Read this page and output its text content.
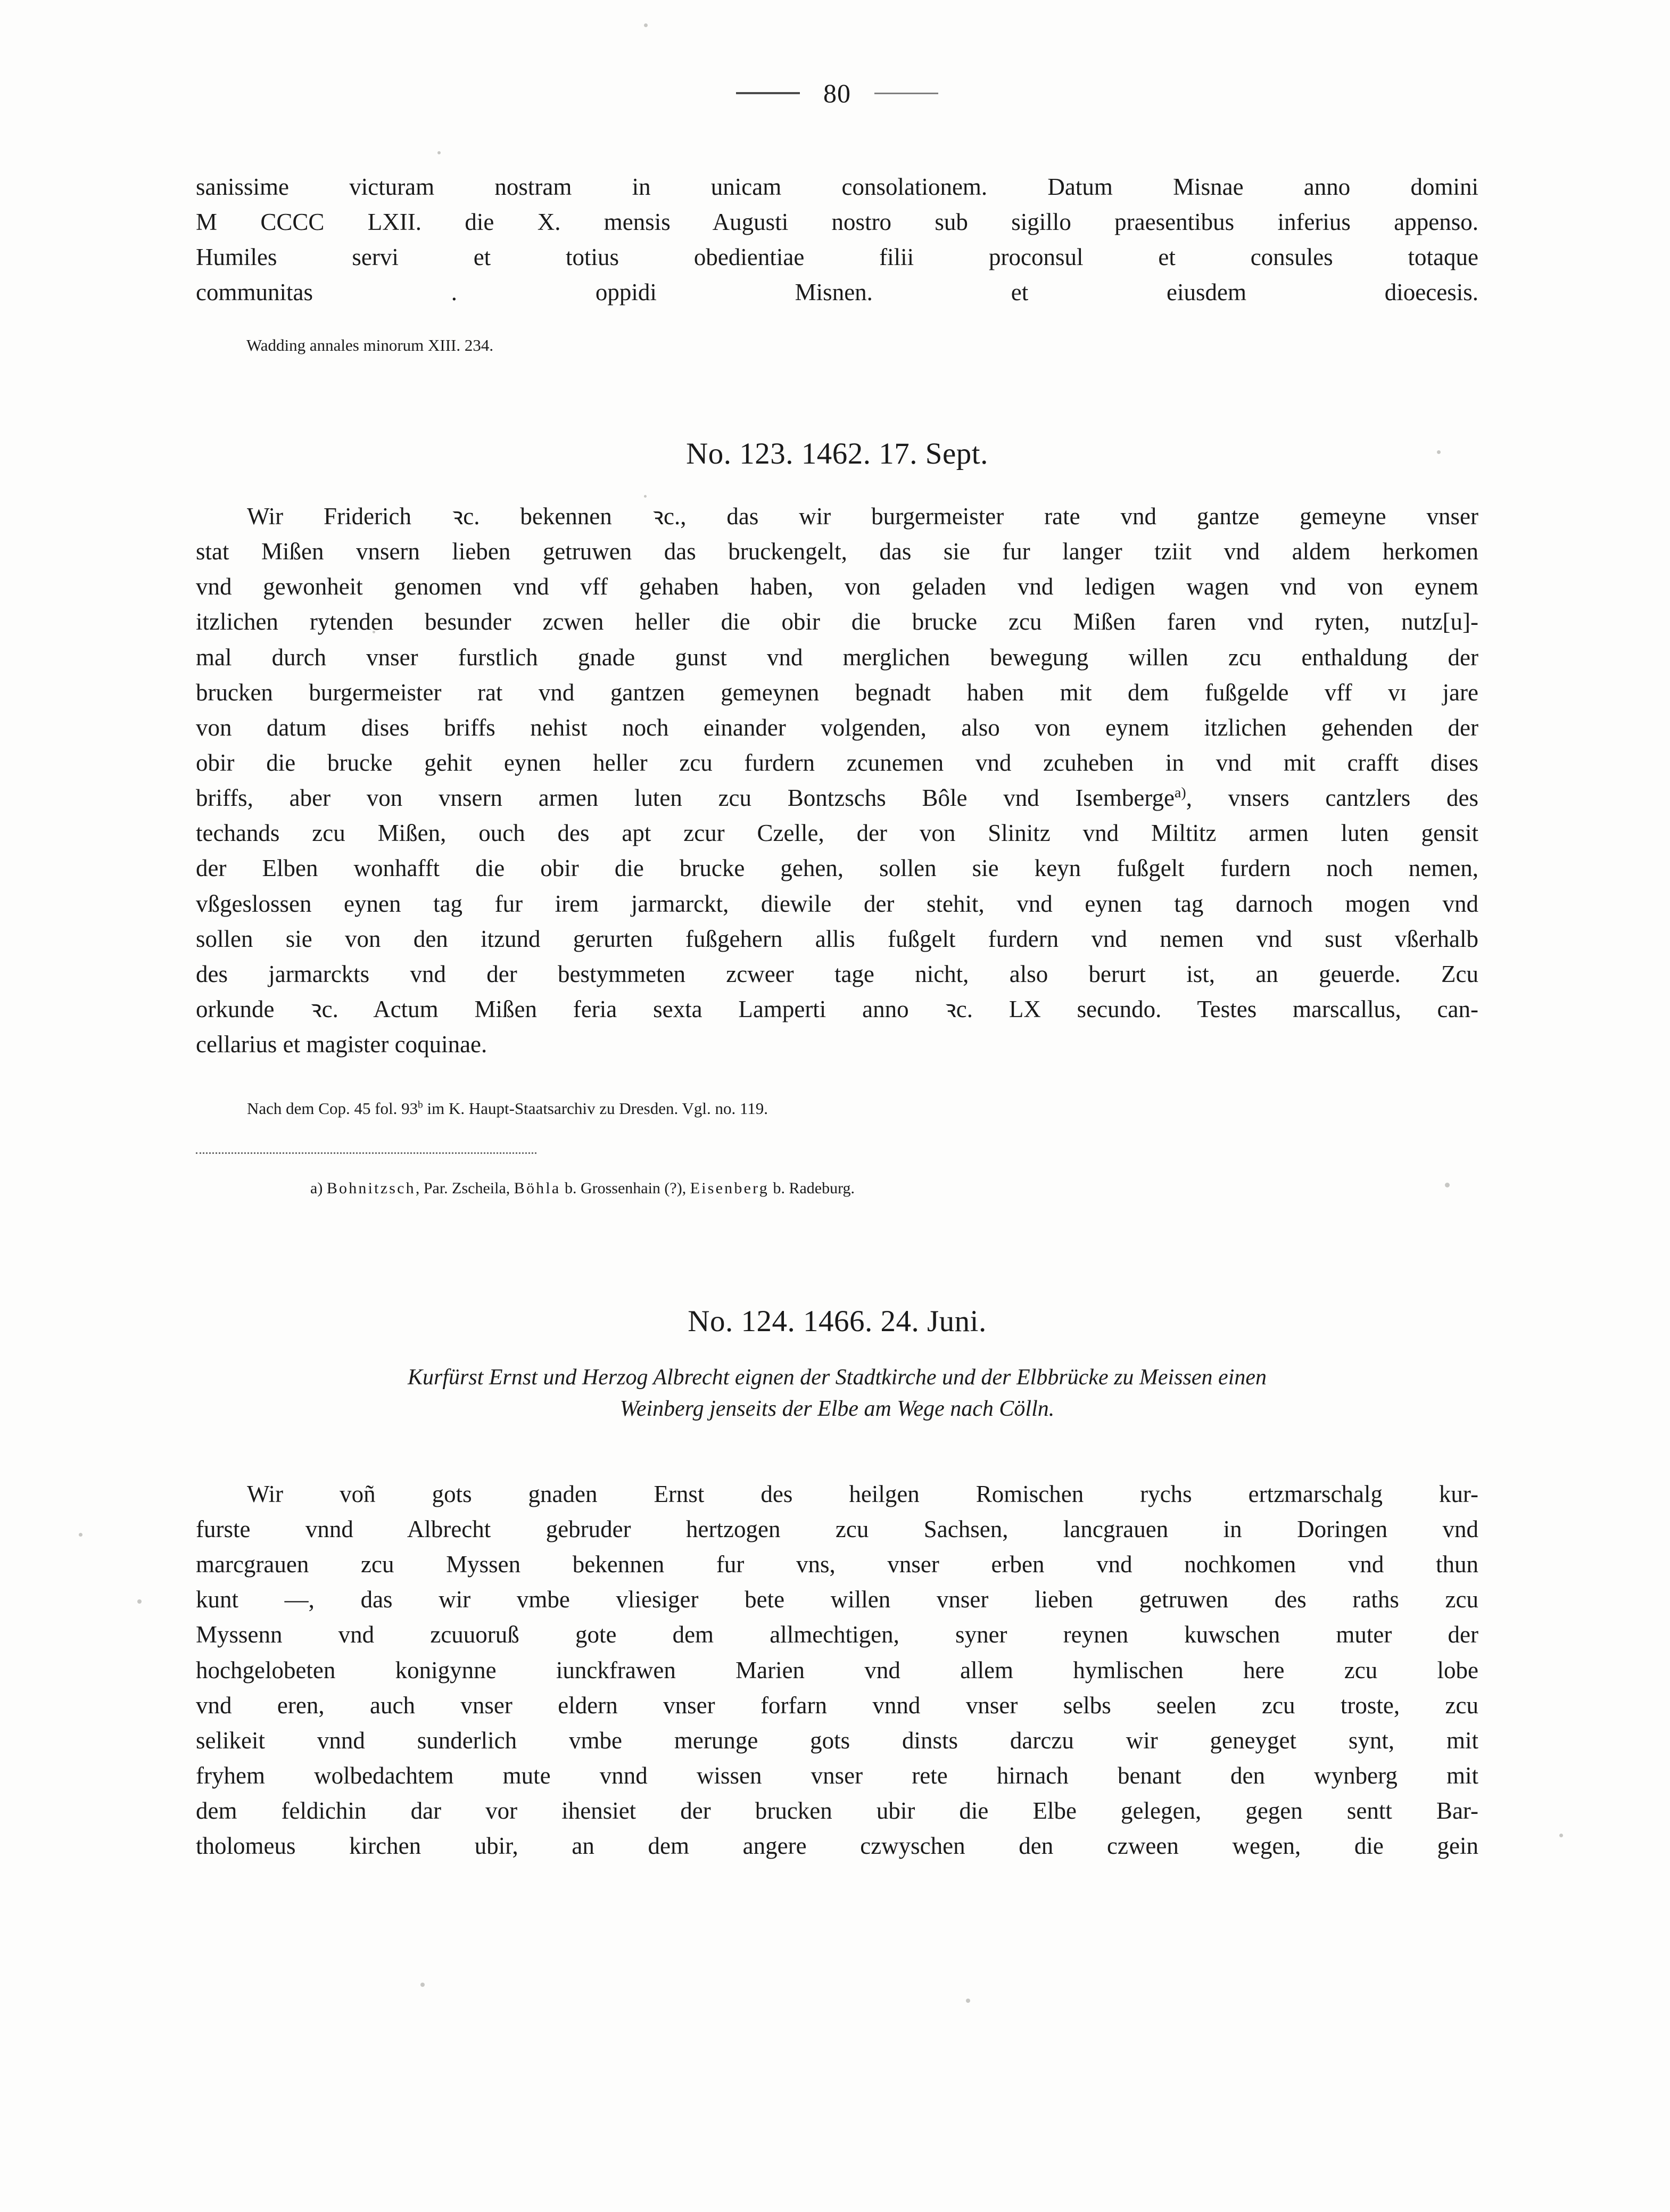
80
sanissime victuram nostram in unicam consolationem. Datum Misnae anno domini
M CCCC LXII. die X. mensis Augusti nostro sub sigillo praesentibus inferius appenso.
Humiles servi et totius obedientiae filii proconsul et consules totaque
communitas . oppidi Misnen. et eiusdem dioecesis.

Wadding annales minorum XIII. 234.

No. 123. 1462. 17. Sept.
Wir Friderich ꝛc. bekennen ꝛc., das wir burgermeister rate vnd gantze gemeyne vnser
stat Mißen vnsern lieben getruwen das bruckengelt, das sie fur langer tziit vnd aldem herkomen
vnd gewonheit genomen vnd vff gehaben haben, von geladen vnd ledigen wagen vnd von eynem
itzlichen rytenden besunder zcwen heller die obir die brucke zcu Mißen faren vnd ryten, nutz[u]-
mal durch vnser furstlich gnade gunst vnd merglichen bewegung willen zcu enthaldung der
brucken burgermeister rat vnd gantzen gemeynen begnadt haben mit dem fußgelde vff ᴠɪ jare
von datum dises briffs nehist noch einander volgenden, also von eynem itzlichen gehenden der
obir die brucke gehit eynen heller zcu furdern zcunemen vnd zcuheben in vnd mit crafft dises
briffs, aber von vnsern armen luten zcu Bontzschs Bôle vnd Isemberge$^{a)}$, vnsers cantzlers des
techands zcu Mißen, ouch des apt zcur Czelle, der von Slinitz vnd Miltitz armen luten gensit
der Elben wonhafft die obir die brucke gehen, sollen sie keyn fußgelt furdern noch nemen,
vßgeslossen eynen tag fur irem jarmarckt, diewile der stehit, vnd eynen tag darnoch mogen vnd
sollen sie von den itzund gerurten fußgehern allis fußgelt furdern vnd nemen vnd sust vßerhalb
des jarmarckts vnd der bestymmeten zcweer tage nicht, also berurt ist, an geuerde. Zcu
orkunde ꝛc. Actum Mißen feria sexta Lamperti anno ꝛc. LX secundo. Testes marscallus, can-
cellarius et magister coquinae.

Nach dem Cop. 45 fol. 93$^b$ im K. Haupt-Staatsarchiv zu Dresden. Vgl. no. 119.

a) Bohnitzsch, Par. Zscheila, Böhla b. Grossenhain (?), Eisenberg b. Radeburg.

No. 124. 1466. 24. Juni.
Kurfürst Ernst und Herzog Albrecht eignen der Stadtkirche und der Elbbrücke zu Meissen einen
Weinberg jenseits der Elbe am Wege nach Cölln.
Wir voñ gots gnaden Ernst des heilgen Romischen rychs ertzmarschalg kur-
furste vnnd Albrecht gebruder hertzogen zcu Sachsen, lancgrauen in Doringen vnd
marcgrauen zcu Myssen bekennen fur vns, vnser erben vnd nochkomen vnd thun
kunt —, das wir vmbe vliesiger bete willen vnser lieben getruwen des raths zcu
Myssenn vnd zcuuoruß gote dem allmechtigen, syner reynen kuwschen muter der
hochgelobeten konigynne iunckfrawen Marien vnd allem hymlischen here zcu lobe
vnd eren, auch vnser eldern vnser forfarn vnnd vnser selbs seelen zcu troste, zcu
selikeit vnnd sunderlich vmbe merunge gots dinsts darczu wir geneyget synt, mit
fryhem wolbedachtem mute vnnd wissen vnser rete hirnach benant den wynberg mit
dem feldichin dar vor ihensiet der brucken ubir die Elbe gelegen, gegen sentt Bar-
tholomeus kirchen ubir, an dem angere czwyschen den czween wegen, die gein
